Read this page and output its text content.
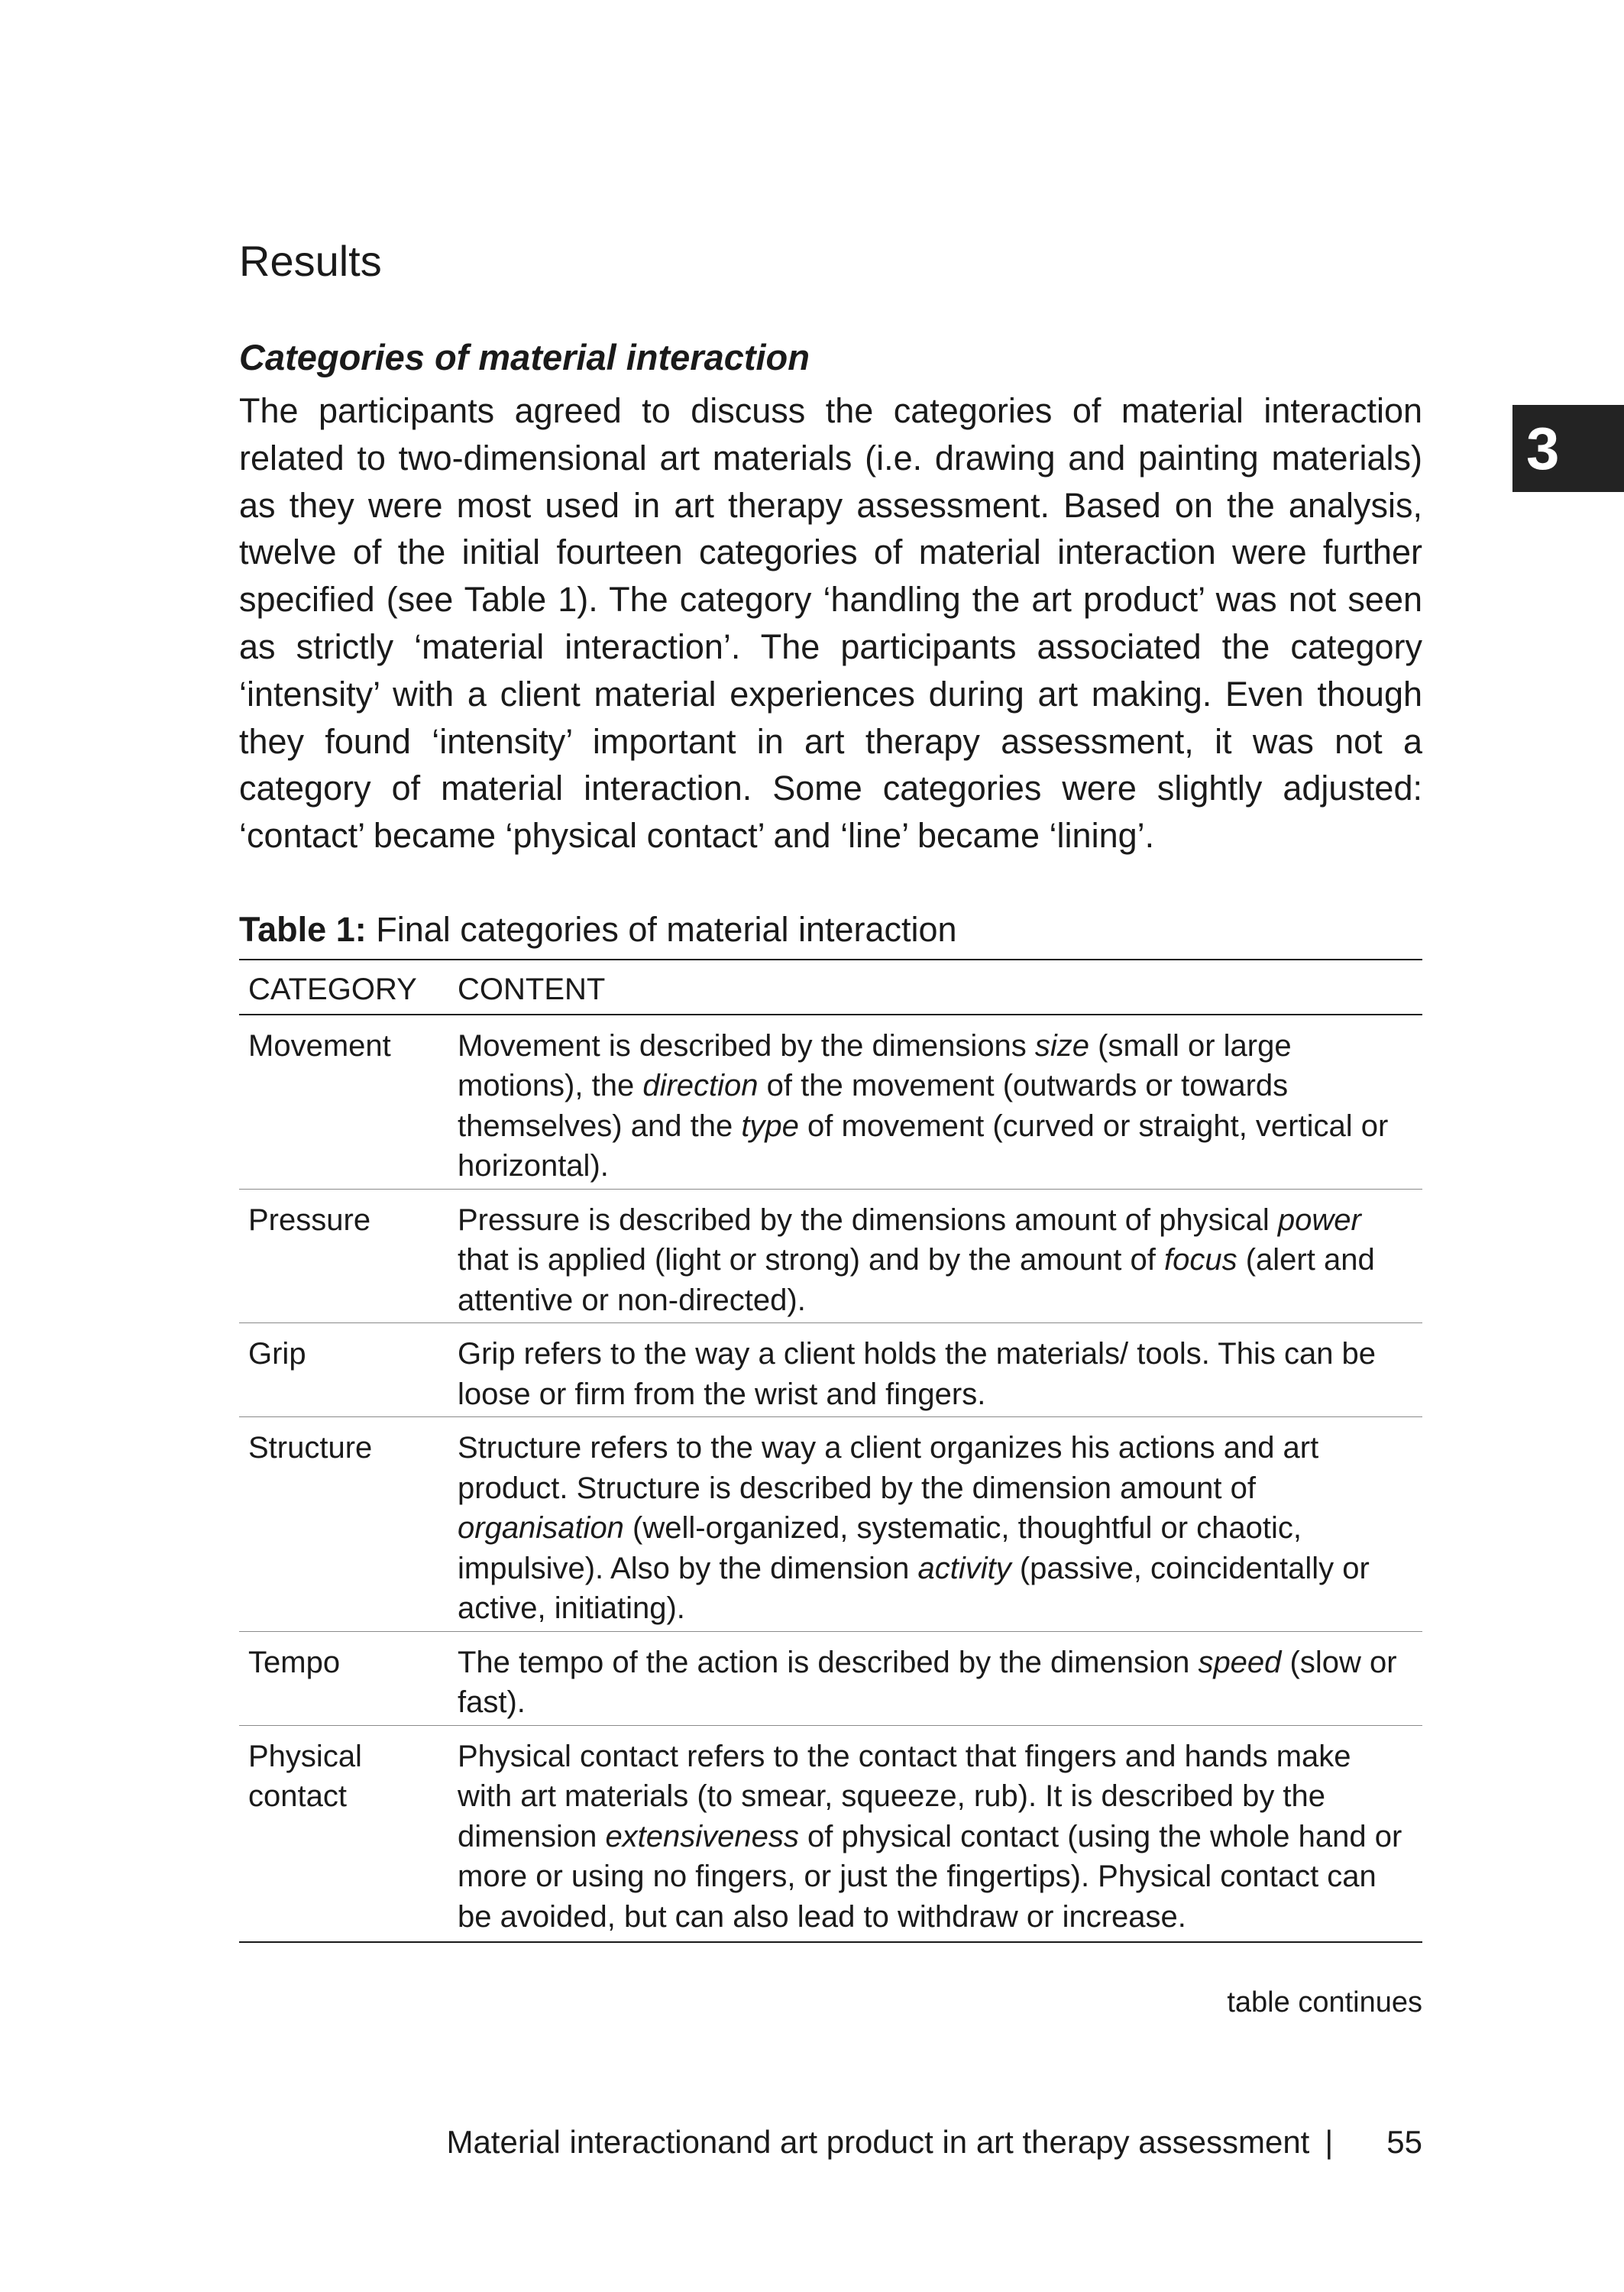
Results
Categories of material interaction

The participants agreed to discuss the categories of material interaction related to two-dimensional art materials (i.e. drawing and painting materials) as they were most used in art therapy assessment. Based on the analysis, twelve of the initial fourteen categories of material interaction were further specified (see Table 1). The category ‘handling the art product’ was not seen as strictly ‘material interaction’. The participants associated the category ‘intensity’ with a client material experiences during art making. Even though they found ‘intensity’ important in art therapy assessment, it was not a category of material interaction. Some categories were slightly adjusted: ‘contact’ became ‘physical contact’ and ‘line’ became ‘lining’.

3

Table 1: Final categories of material interaction

CATEGORY	CONTENT
Movement	Movement is described by the dimensions size (small or large motions), the direction of the movement (outwards or towards themselves) and the type of movement (curved or straight, vertical or horizontal).
Pressure	Pressure is described by the dimensions amount of physical power that is applied (light or strong) and by the amount of focus (alert and attentive or non-directed).
Grip	Grip refers to the way a client holds the materials/ tools. This can be loose or firm from the wrist and fingers.
Structure	Structure refers to the way a client organizes his actions and art product. Structure is described by the dimension amount of organisation (well-organized, systematic, thoughtful or chaotic, impulsive). Also by the dimension activity (passive, coincidentally or active, initiating).
Tempo	The tempo of the action is described by the dimension speed (slow or fast).
Physical contact	Physical contact refers to the contact that fingers and hands make with art materials (to smear, squeeze, rub). It is described by the dimension extensiveness of physical contact (using the whole hand or more or using no fingers, or just the fingertips). Physical contact can be avoided, but can also lead to withdraw or increase.

table continues

Material interactionand art product in art therapy assessment | 55
